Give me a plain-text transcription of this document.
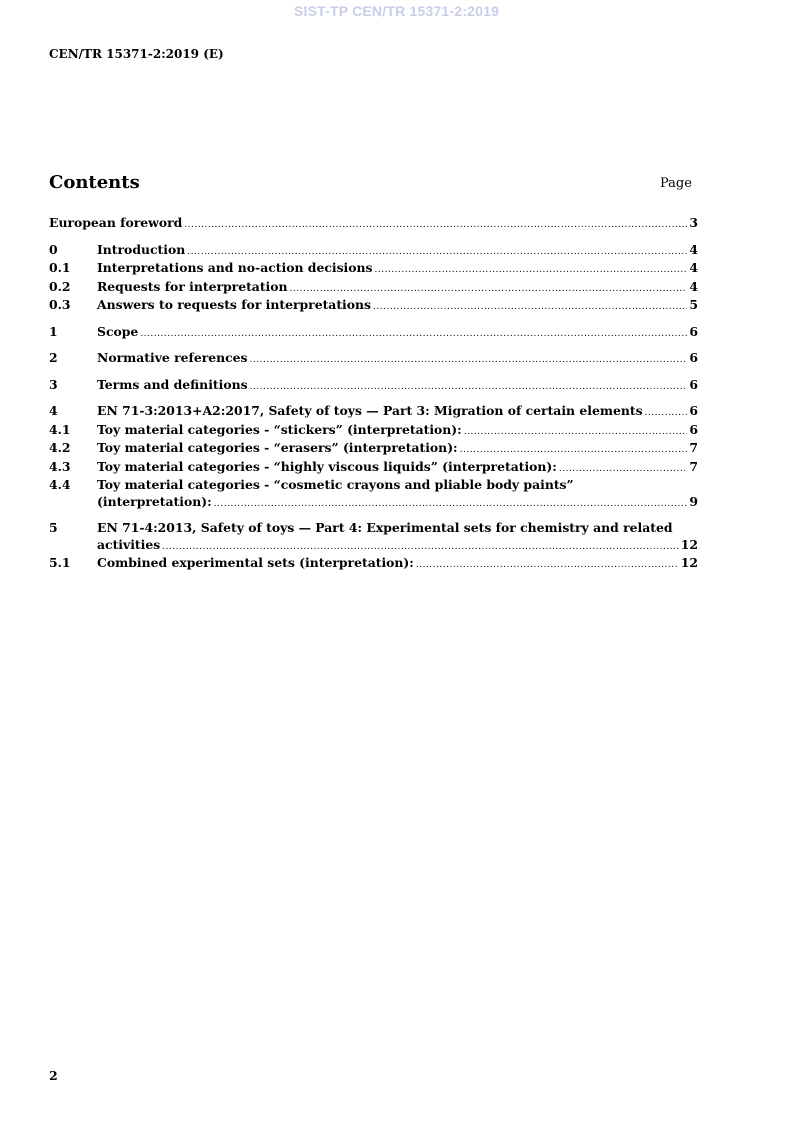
SIST-TP CEN/TR 15371-2:2019
CEN/TR 15371-2:2019 (E)
Contents	Page
European foreword .....	3
0	Introduction .....	4
0.1	Interpretations and no-action decisions .....	4
0.2	Requests for interpretation .....	4
0.3	Answers to requests for interpretations .....	5
1	Scope .....	6
2	Normative references .....	6
3	Terms and definitions .....	6
4	EN 71-3:2013+A2:2017, Safety of toys — Part 3: Migration of certain elements .....	6
4.1	Toy material categories - “stickers” (interpretation): .....	6
4.2	Toy material categories - “erasers” (interpretation): .....	7
4.3	Toy material categories - “highly viscous liquids” (interpretation): .....	7
4.4	Toy material categories - “cosmetic crayons and pliable body paints”
(interpretation): .....	9
5	EN 71-4:2013, Safety of toys — Part 4: Experimental sets for chemistry and related
activities .....	12
5.1	Combined experimental sets (interpretation): .....	12
2
